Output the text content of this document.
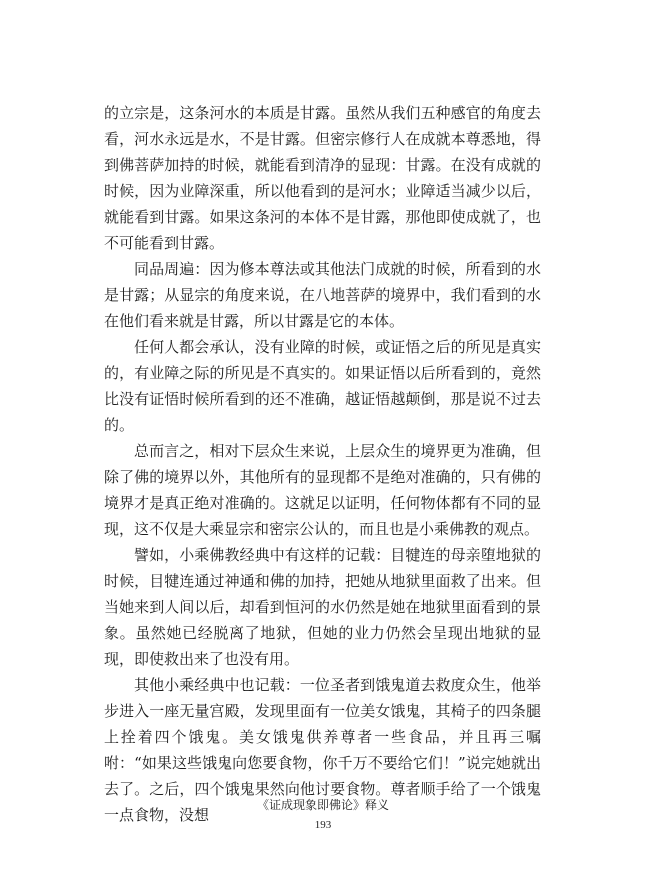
的立宗是，这条河水的本质是甘露。虽然从我们五种感官的角度去看，河水永远是水，不是甘露。但密宗修行人在成就本尊悉地，得到佛菩萨加持的时候，就能看到清净的显现：甘露。在没有成就的时候，因为业障深重，所以他看到的是河水；业障适当减少以后，就能看到甘露。如果这条河的本体不是甘露，那他即使成就了，也不可能看到甘露。

同品周遍：因为修本尊法或其他法门成就的时候，所看到的水是甘露；从显宗的角度来说，在八地菩萨的境界中，我们看到的水在他们看来就是甘露，所以甘露是它的本体。

任何人都会承认，没有业障的时候，或证悟之后的所见是真实的，有业障之际的所见是不真实的。如果证悟以后所看到的，竟然比没有证悟时候所看到的还不准确，越证悟越颠倒，那是说不过去的。

总而言之，相对下层众生来说，上层众生的境界更为准确，但除了佛的境界以外，其他所有的显现都不是绝对准确的，只有佛的境界才是真正绝对准确的。这就足以证明，任何物体都有不同的显现，这不仅是大乘显宗和密宗公认的，而且也是小乘佛教的观点。

譬如，小乘佛教经典中有这样的记载：目犍连的母亲堕地狱的时候，目犍连通过神通和佛的加持，把她从地狱里面救了出来。但当她来到人间以后，却看到恒河的水仍然是她在地狱里面看到的景象。虽然她已经脱离了地狱，但她的业力仍然会呈现出地狱的显现，即使救出来了也没有用。

其他小乘经典中也记载：一位圣者到饿鬼道去救度众生，他举步进入一座无量宫殿，发现里面有一位美女饿鬼，其椅子的四条腿上拴着四个饿鬼。美女饿鬼供养尊者一些食品，并且再三嘱咐：“如果这些饿鬼向您要食物，你千万不要给它们！”说完她就出去了。之后，四个饿鬼果然向他讨要食物。尊者顺手给了一个饿鬼一点食物，没想

《证成现象即佛论》释义
193
